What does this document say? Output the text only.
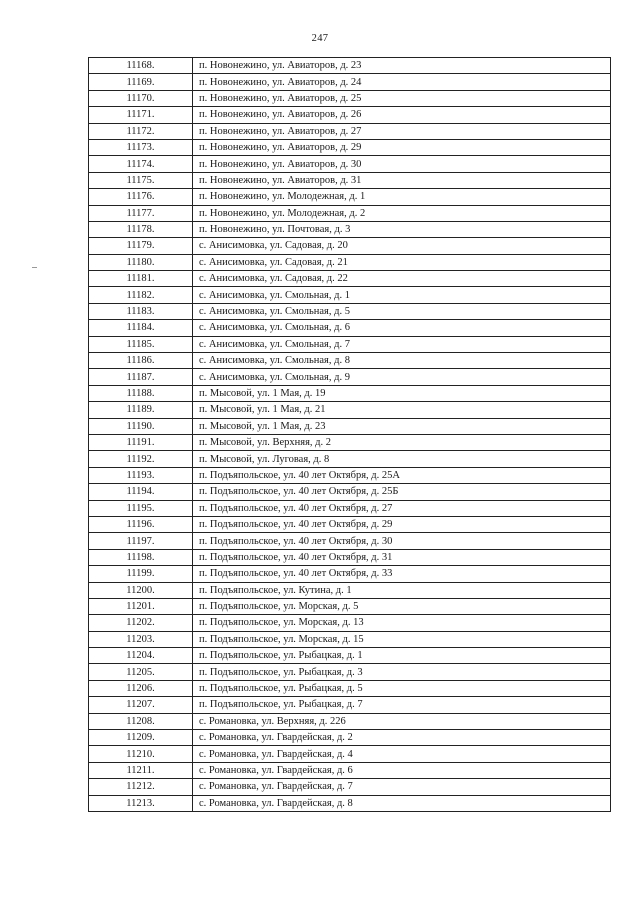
247
11168.	п. Новонежино, ул. Авиаторов, д. 23
11169.	п. Новонежино, ул. Авиаторов, д. 24
11170.	п. Новонежино, ул. Авиаторов, д. 25
11171.	п. Новонежино, ул. Авиаторов, д. 26
11172.	п. Новонежино, ул. Авиаторов, д. 27
11173.	п. Новонежино, ул. Авиаторов, д. 29
11174.	п. Новонежино, ул. Авиаторов, д. 30
11175.	п. Новонежино, ул. Авиаторов, д. 31
11176.	п. Новонежино, ул. Молодежная, д. 1
11177.	п. Новонежино, ул. Молодежная, д. 2
11178.	п. Новонежино, ул. Почтовая, д. 3
11179.	с. Анисимовка, ул. Садовая, д. 20
11180.	с. Анисимовка, ул. Садовая, д. 21
11181.	с. Анисимовка, ул. Садовая, д. 22
11182.	с. Анисимовка, ул. Смольная, д. 1
11183.	с. Анисимовка, ул. Смольная, д. 5
11184.	с. Анисимовка, ул. Смольная, д. 6
11185.	с. Анисимовка, ул. Смольная, д. 7
11186.	с. Анисимовка, ул. Смольная, д. 8
11187.	с. Анисимовка, ул. Смольная, д. 9
11188.	п. Мысовой, ул. 1 Мая, д. 19
11189.	п. Мысовой, ул. 1 Мая, д. 21
11190.	п. Мысовой, ул. 1 Мая, д. 23
11191.	п. Мысовой, ул. Верхняя, д. 2
11192.	п. Мысовой, ул. Луговая, д. 8
11193.	п. Подъяпольское, ул. 40 лет Октября, д. 25А
11194.	п. Подъяпольское, ул. 40 лет Октября, д. 25Б
11195.	п. Подъяпольское, ул. 40 лет Октября, д. 27
11196.	п. Подъяпольское, ул. 40 лет Октября, д. 29
11197.	п. Подъяпольское, ул. 40 лет Октября, д. 30
11198.	п. Подъяпольское, ул. 40 лет Октября, д. 31
11199.	п. Подъяпольское, ул. 40 лет Октября, д. 33
11200.	п. Подъяпольское, ул. Кутина, д. 1
11201.	п. Подъяпольское, ул. Морская, д. 5
11202.	п. Подъяпольское, ул. Морская, д. 13
11203.	п. Подъяпольское, ул. Морская, д. 15
11204.	п. Подъяпольское, ул. Рыбацкая, д. 1
11205.	п. Подъяпольское, ул. Рыбацкая, д. 3
11206.	п. Подъяпольское, ул. Рыбацкая, д. 5
11207.	п. Подъяпольское, ул. Рыбацкая, д. 7
11208.	с. Романовка, ул. Верхняя, д. 226
11209.	с. Романовка, ул. Гвардейская, д. 2
11210.	с. Романовка, ул. Гвардейская, д. 4
11211.	с. Романовка, ул. Гвардейская, д. 6
11212.	с. Романовка, ул. Гвардейская, д. 7
11213.	с. Романовка, ул. Гвардейская, д. 8
